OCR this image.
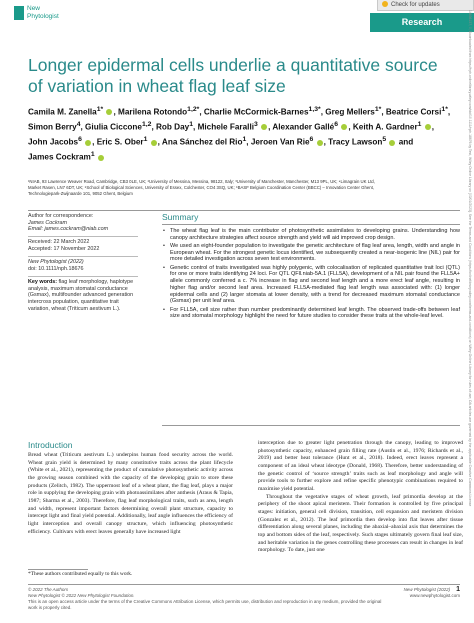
New
Phytologist
Check for updates
Research	14698137, 0, Downloaded from https://nph.onlinelibrary.wiley.com/doi/10.1111/nph.18676 by Test, Wiley Online Library on [03/01/2023]. See the Terms and Conditions (https://onlinelibrary.wiley.com/terms-and-conditions) on Wiley Online Library for rules of use; OA articles are governed by the applicable Creative Commons License
Longer epidermal cells underlie a quantitative source of variation in wheat flag leaf size
Camila M. Zanella$^{1*}$ , Marilena Rotondo$^{1,2*}$, Charlie McCormick-Barnes$^{1,3*}$, Greg Mellers$^{1*}$, Beatrice Corsi$^{1*}$,
Simon Berry$^4$, Giulia Ciccone$^{1,2}$, Rob Day$^1$, Michele Faralli$^3$ , Alexander Gallé$^6$ , Keith A. Gardner$^1$ ,
John Jacobs$^6$ , Eric S. Ober$^1$ , Ana Sánchez del Rio$^1$, Jeroen Van Rie$^6$ , Tracy Lawson$^5$  and
James Cockram$^1$
¹NIAB, 93 Lawrence Weaver Road, Cambridge, CB3 0LE, UK; ²University of Messina, Messina, 98122, Italy; ³University of Manchester, Manchester, M13 9PL, UK; ⁴Limagrain UK Ltd,
Market Rasen, LN7 6DT, UK; ⁵School of Biological Sciences, University of Essex, Colchester, CO4 3SQ, UK; ⁶BASF Belgium Coordination Center (BBCC) – Innovation Center Ghent,
Technologiepark-Zwijnaarde 101, 9052 Ghent, Belgium
Author for correspondence:
James Cockram
Email: james.cockram@niab.com
Received: 22 March 2022
Accepted: 17 November 2022
New Phytologist (2022)
doi: 10.1111/nph.18676
Key words: flag leaf morphology, haplotype analysis, maximum stomatal conductance (Gsmax), multifounder advanced generation intercross population, quantitative trait variation, wheat (Triticum aestivum L.).
Summary
• The wheat flag leaf is the main contributor of photosynthetic assimilates to developing grains. Understanding how canopy architecture strategies affect source strength and yield will aid improved crop design.
• We used an eight-founder population to investigate the genetic architecture of flag leaf area, length, width and angle in European wheat. For the strongest genetic locus identified, we subsequently created a near-isogenic line (NIL) pair for more detailed investigation across seven test environments.
• Genetic control of traits investigated was highly polygenic, with colocalisation of replicated quantitative trait loci (QTL) for one or more traits identifying 24 loci. For QTL QFll.niab-5A.1 (FLL5A), development of a NIL pair found the FLL5A+ allele commonly conferred a c. 7% increase in flag and second leaf length and a more erect leaf angle, resulting in higher flag and/or second leaf area. Increased FLL5A-mediated flag leaf length was associated with: (1) longer epidermal cells and (2) larger stomata at lower density, with a trend for decreased maximum stomatal conductance (Gsmax) per unit leaf area.
• For FLL5A, cell size rather than number predominantly determined leaf length. The observed trade-offs between leaf size and stomatal morphology highlight the need for future studies to consider these traits at the whole-leaf level.
Introduction

Bread wheat (Triticum aestivum L.) underpins human food security across the world. Wheat grain yield is determined by many constitutive traits across the plant lifecycle (White et al., 2021), representing the product of cumulative photosynthetic activity across the growing season combined with the capacity of the developing grain to store these products (Zelitch, 1982). The uppermost leaf of a wheat plant, the flag leaf, plays a major role in supplying the developing grain with photoassimilates after anthesis (Araus & Tapia, 1987; Sharma et al., 2003). Therefore, flag leaf morphological traits, such as area, length and width, represent important factors determining overall plant structure, capacity to intercept light and final yield potential. Additionally, leaf angle influences the efficiency of light interception and overall canopy structure, which influencing photosynthetic efficiency. Cultivars with erect leaves generally have increased light

interception due to greater light penetration through the canopy, leading to improved photosynthetic capacity, enhanced grain filling rate (Austin et al., 1976; Richards et al., 2019) and better heat tolerance (Hunt et al., 2018). Indeed, erect leaves represent a component of an ideal wheat ideotype (Donald, 1968). Therefore, better understanding of the genetic control of ‘source strength’ traits such as leaf morphology and angle will provide tools to further explore and refine specific phenotypic combinations required to maximise yield potential.

Throughout the vegetative stages of wheat growth, leaf primordia develop at the periphery of the shoot apical meristem. Their formation is controlled by five principal stages: initiation, general cell division, transition, cell expansion and meristem division (Gonzalez et al., 2012). The leaf primordia then develop into flat leaves after tissue differentiation along several planes, including the abaxial–abaxial axis that determines the top and bottom sides of the leaf, respectively. Such stages ultimately govern final leaf size, and heritable variation in the genes controlling these processes can result in changes in leaf morphology. To date, just one

*These authors contributed equally to this work.
© 2022 The Authors
New Phytologist © 2022 New Phytologist Foundation.
This is an open access article under the terms of the Creative Commons Attribution License, which permits use, distribution and reproduction in any medium, provided the original work is properly cited.
New Phytologist (2022) 1
www.newphytologist.com
